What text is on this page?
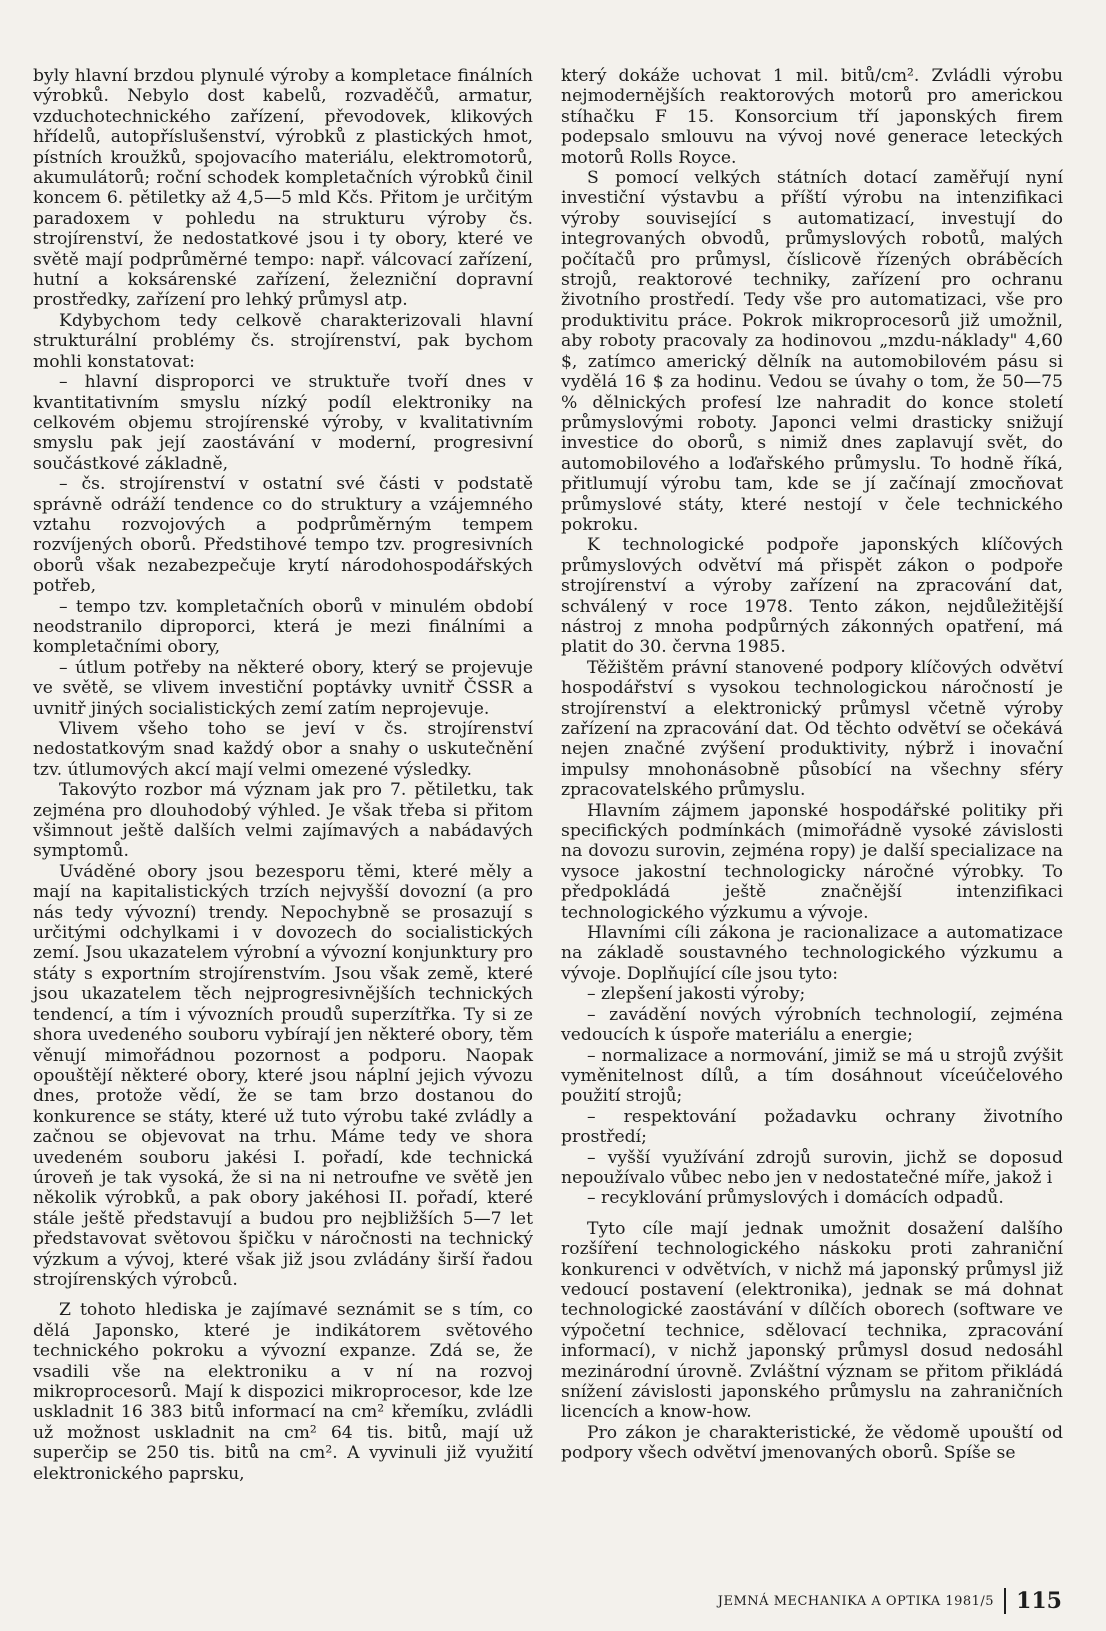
byly hlavní brzdou plynulé výroby a kompletace finálních výrobků. Nebylo dost kabelů, rozvaděčů, armatur, vzduchotechnického zařízení, převodovek, klikových hřídelů, autopříslušenství, výrobků z plastických hmot, pístních kroužků, spojovacího materiálu, elektromotorů, akumulátorů; roční schodek kompletačních výrobků činil koncem 6. pětiletky až 4,5—5 mld Kčs. Přitom je určitým paradoxem v pohledu na strukturu výroby čs. strojírenství, že nedostatkové jsou i ty obory, které ve světě mají podprůměrné tempo: např. válcovací zařízení, hutní a koksárenské zařízení, železniční dopravní prostředky, zařízení pro lehký průmysl atp.

Kdybychom tedy celkově charakterizovali hlavní strukturální problémy čs. strojírenství, pak bychom mohli konstatovat:

– hlavní disproporci ve struktuře tvoří dnes v kvantitativním smyslu nízký podíl elektroniky na celkovém objemu strojírenské výroby, v kvalitativním smyslu pak její zaostávání v moderní, progresivní součástkové základně,

– čs. strojírenství v ostatní své části v podstatě správně odráží tendence co do struktury a vzájemného vztahu rozvojových a podprůměrným tempem rozvíjených oborů. Předstihové tempo tzv. progresivních oborů však nezabezpečuje krytí národohospodářských potřeb,

– tempo tzv. kompletačních oborů v minulém období neodstranilo diproporci, která je mezi finálními a kompletačními obory,

– útlum potřeby na některé obory, který se projevuje ve světě, se vlivem investiční poptávky uvnitř ČSSR a uvnitř jiných socialistických zemí zatím neprojevuje.

Vlivem všeho toho se jeví v čs. strojírenství nedostatkovým snad každý obor a snahy o uskutečnění tzv. útlumových akcí mají velmi omezené výsledky.

Takovýto rozbor má význam jak pro 7. pětiletku, tak zejména pro dlouhodobý výhled. Je však třeba si přitom všimnout ještě dalších velmi zajímavých a nabádavých symptomů.

Uváděné obory jsou bezesporu těmi, které měly a mají na kapitalistických trzích nejvyšší dovozní (a pro nás tedy vývozní) trendy. Nepochybně se prosazují s určitými odchylkami i v dovozech do socialistických zemí. Jsou ukazatelem výrobní a vývozní konjunktury pro státy s exportním strojírenstvím. Jsou však země, které jsou ukazatelem těch nejprogresivnějších technických tendencí, a tím i vývozních proudů superzítřka. Ty si ze shora uvedeného souboru vybírají jen některé obory, těm věnují mimořádnou pozornost a podporu. Naopak opouštějí některé obory, které jsou náplní jejich vývozu dnes, protože vědí, že se tam brzo dostanou do konkurence se státy, které už tuto výrobu také zvládly a začnou se objevovat na trhu. Máme tedy ve shora uvedeném souboru jakési I. pořadí, kde technická úroveň je tak vysoká, že si na ni netroufne ve světě jen několik výrobků, a pak obory jakéhosi II. pořadí, které stále ještě představují a budou pro nejbližších 5—7 let představovat světovou špičku v náročnosti na technický výzkum a vývoj, které však již jsou zvládány širší řadou strojírenských výrobců.

Z tohoto hlediska je zajímavé seznámit se s tím, co dělá Japonsko, které je indikátorem světového technického pokroku a vývozní expanze. Zdá se, že vsadili vše na elektroniku a v ní na rozvoj mikroprocesorů. Mají k dispozici mikroprocesor, kde lze uskladnit 16 383 bitů informací na cm² křemíku, zvládli už možnost uskladnit na cm² 64 tis. bitů, mají už superčip se 250 tis. bitů na cm². A vyvinuli již využití elektronického paprsku,

který dokáže uchovat 1 mil. bitů/cm². Zvládli výrobu nejmodernějších reaktorových motorů pro americkou stíhačku F 15. Konsorcium tří japonských firem podepsalo smlouvu na vývoj nové generace leteckých motorů Rolls Royce.

S pomocí velkých státních dotací zaměřují nyní investiční výstavbu a příští výrobu na intenzifikaci výroby související s automatizací, investují do integrovaných obvodů, průmyslových robotů, malých počítačů pro průmysl, číslicově řízených obráběcích strojů, reaktorové techniky, zařízení pro ochranu životního prostředí. Tedy vše pro automatizaci, vše pro produktivitu práce. Pokrok mikroprocesorů již umožnil, aby roboty pracovaly za hodinovou „mzdu-náklady" 4,60 $, zatímco americký dělník na automobilovém pásu si vydělá 16 $ za hodinu. Vedou se úvahy o tom, že 50—75 % dělnických profesí lze nahradit do konce století průmyslovými roboty. Japonci velmi drasticky snižují investice do oborů, s nimiž dnes zaplavují svět, do automobilového a loďařského průmyslu. To hodně říká, přitlumují výrobu tam, kde se jí začínají zmocňovat průmyslové státy, které nestojí v čele technického pokroku.

K technologické podpoře japonských klíčových průmyslových odvětví má přispět zákon o podpoře strojírenství a výroby zařízení na zpracování dat, schválený v roce 1978. Tento zákon, nejdůležitější nástroj z mnoha podpůrných zákonných opatření, má platit do 30. června 1985.

Těžištěm právní stanovené podpory klíčových odvětví hospodářství s vysokou technologickou náročností je strojírenství a elektronický průmysl včetně výroby zařízení na zpracování dat. Od těchto odvětví se očekává nejen značné zvýšení produktivity, nýbrž i inovační impulsy mnohonásobně působící na všechny sféry zpracovatelského průmyslu.

Hlavním zájmem japonské hospodářské politiky při specifických podmínkách (mimořádně vysoké závislosti na dovozu surovin, zejména ropy) je další specializace na vysoce jakostní technologicky náročné výrobky. To předpokládá ještě značnější intenzifikaci technologického výzkumu a vývoje.

Hlavními cíli zákona je racionalizace a automatizace na základě soustavného technologického výzkumu a vývoje. Doplňující cíle jsou tyto:

– zlepšení jakosti výroby;

– zavádění nových výrobních technologií, zejména vedoucích k úspoře materiálu a energie;

– normalizace a normování, jimiž se má u strojů zvýšit vyměnitelnost dílů, a tím dosáhnout víceúčelového použití strojů;

– respektování požadavku ochrany životního prostředí;

– vyšší využívání zdrojů surovin, jichž se doposud nepoužívalo vůbec nebo jen v nedostatečné míře, jakož i

– recyklování průmyslových i domácích odpadů.

Tyto cíle mají jednak umožnit dosažení dalšího rozšíření technologického náskoku proti zahraniční konkurenci v odvětvích, v nichž má japonský průmysl již vedoucí postavení (elektronika), jednak se má dohnat technologické zaostávání v dílčích oborech (software ve výpočetní technice, sdělovací technika, zpracování informací), v nichž japonský průmysl dosud nedosáhl mezinárodní úrovně. Zvláštní význam se přitom přikládá snížení závislosti japonského průmyslu na zahraničních licencích a know-how.

Pro zákon je charakteristické, že vědomě upouští od podpory všech odvětví jmenovaných oborů. Spíše se

JEMNÁ MECHANIKA A OPTIKA 1981/5 115
